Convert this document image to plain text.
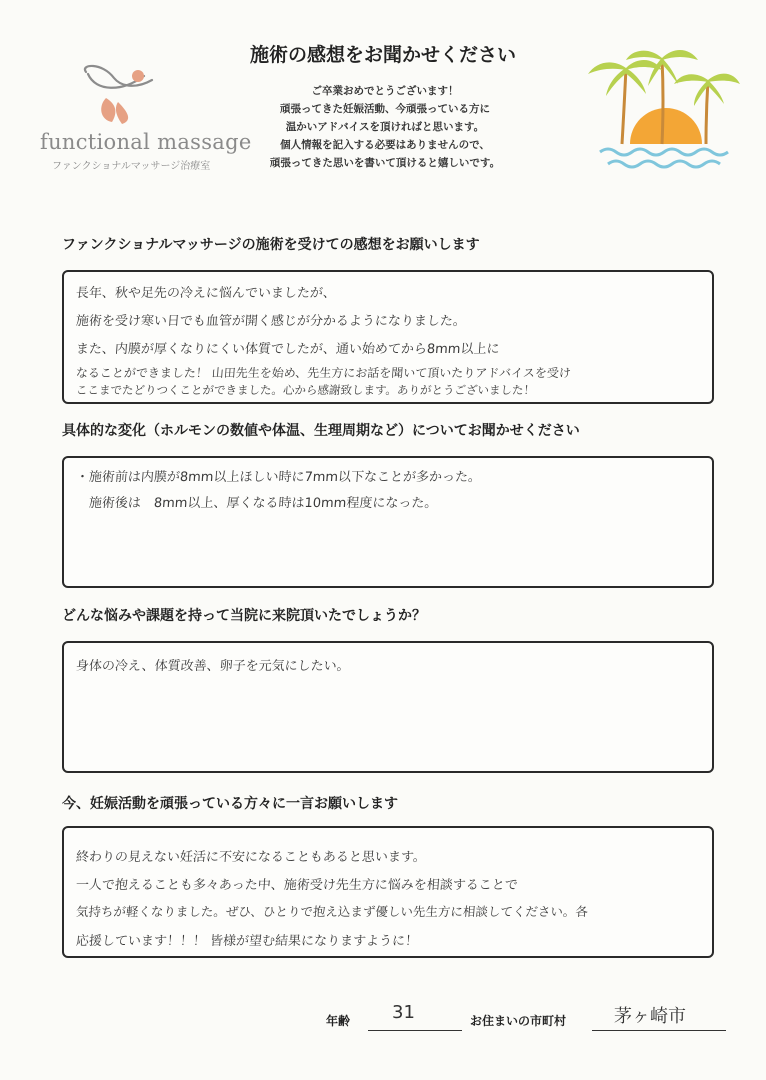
functional massage
ファンクショナルマッサージ治療室
施術の感想をお聞かせください
ご卒業おめでとうございます！
頑張ってきた妊娠活動、今頑張っている方に
温かいアドバイスを頂ければと思います。
個人情報を記入する必要はありませんので、
頑張ってきた思いを書いて頂けると嬉しいです。
ファンクショナルマッサージの施術を受けての感想をお願いします
長年、秋や足先の冷えに悩んでいましたが、
施術を受け寒い日でも血管が開く感じが分かるようになりました。
また、内膜が厚くなりにくい体質でしたが、通い始めてから8mm以上に
なることができました！ 山田先生を始め、先生方にお話を聞いて頂いたりアドバイスを受け
ここまでたどりつくことができました。心から感謝致します。ありがとうございました！
具体的な変化（ホルモンの数値や体温、生理周期など）についてお聞かせください
・施術前は内膜が8mm以上ほしい時に7mm以下なことが多かった。
　施術後は　8mm以上、厚くなる時は10mm程度になった。
どんな悩みや課題を持って当院に来院頂いたでしょうか？
身体の冷え、体質改善、卵子を元気にしたい。
今、妊娠活動を頑張っている方々に一言お願いします
終わりの見えない妊活に不安になることもあると思います。
一人で抱えることも多々あった中、施術受け先生方に悩みを相談することで
気持ちが軽くなりました。ぜひ、ひとりで抱え込まず優しい先生方に相談してください。各
応援しています！！！ 皆様が望む結果になりますように！
年齢 31	お住まいの市町村	茅ヶ崎市
